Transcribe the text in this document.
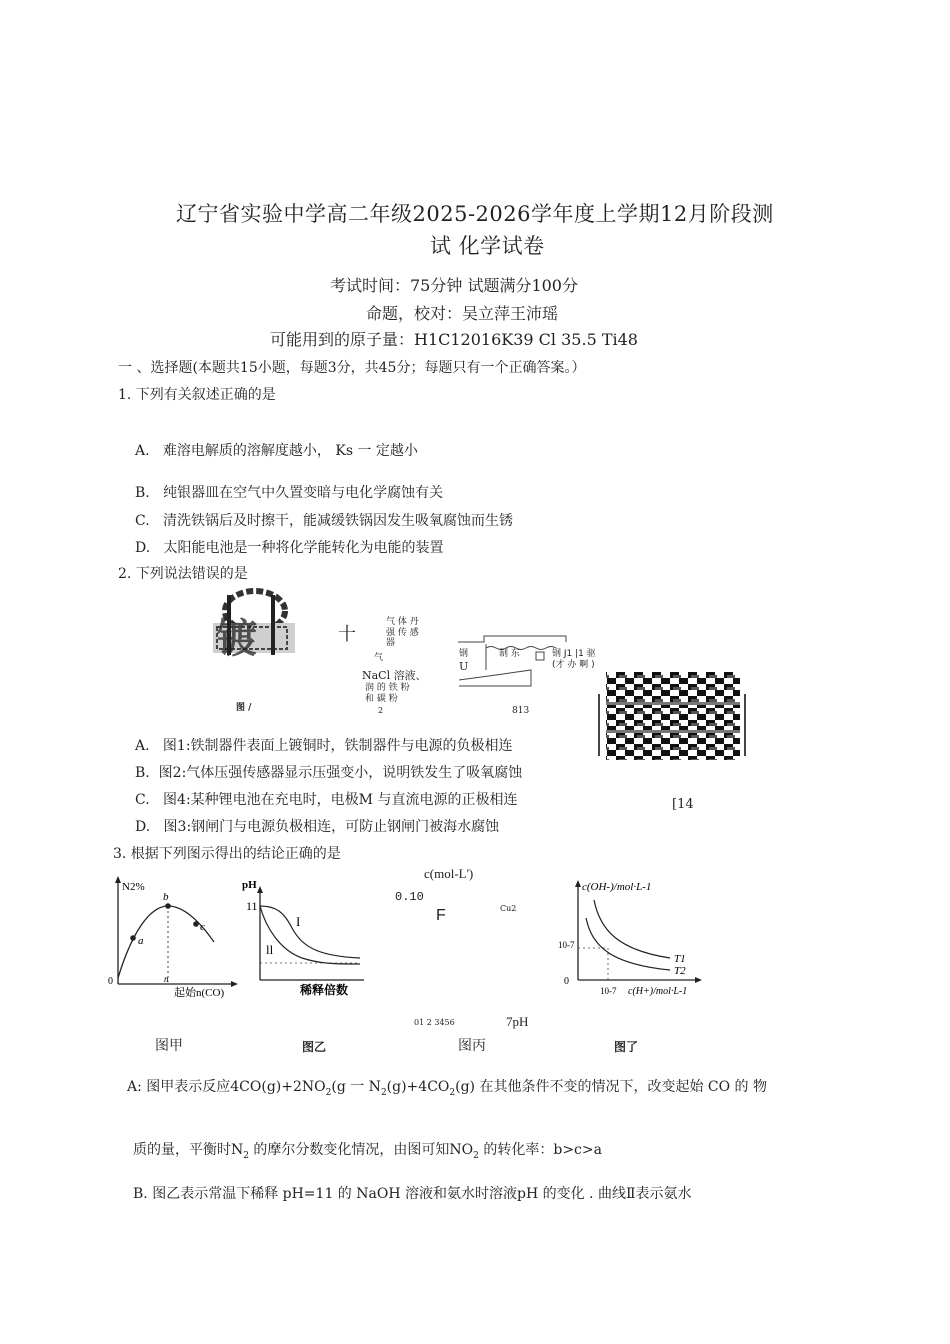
辽宁省实验中学高二年级2025-2026学年度上学期12月阶段测
试 化学试卷
考试时间：75分钟 试题满分100分
命题，校对：吴立萍王沛瑶
可能用到的原子量：H1C12016K39 Cl 35.5 Ti48
一 、选择题(本题共15小题，每题3分，共45分；每题只有一个正确答案。）
1. 下列有关叙述正确的是
A. 难溶电解质的溶解度越小， Ks 一 定越小
B. 纯银器皿在空气中久置变暗与电化学腐蚀有关
C. 清洗铁锅后及时擦干，能减缓铁锅因发生吸氧腐蚀而生锈
D. 太阳能电池是一种将化学能转化为电能的装置
2. 下列说法错误的是
镀
图 /
十
气 体 丹
强 传 感
器
气
NaCl 溶液、
润 的 铁 粉
和 碳 粉
2
钢	制 东	钢 J1 |1 驱
(才 办 啊 )
U
813
[14
A. 图1:铁制器件表面上镀铜时，铁制器件与电源的负极相连
B. 图2:气体压强传感器显示压强变小，说明铁发生了吸氧腐蚀
C. 图4:某种锂电池在充电时，电极M 与直流电源的正极相连
D. 图3:钢闸门与电源负极相连，可防止钢闸门被海水腐蚀
3. 根据下列图示得出的结论正确的是
N2%
a
b
c
0	n
起始n(CO)
图甲
pH
11
I
ll
稀释倍数
图乙
c(mol-L')
0.10
F	Cu2
01 2 3456	7pH
图丙
c(OH-)/mol·L-1
10-7
0
T1
T2
10-7 c(H+)/mol·L-1
图了
A: 图甲表示反应$4CO(g)+2NO_2(g$ 一 $N_2(g)+4CO_2(g)$ 在其他条件不变的情况下，改变起始 CO 的 物
质的量，平衡时$N_2$ 的摩尔分数变化情况，由图可知$NO_2$ 的转化率：b>c>a
B. 图乙表示常温下稀释 pH=11 的 NaOH 溶液和氨水时溶液pH 的变化 . 曲线Ⅱ表示氨水
